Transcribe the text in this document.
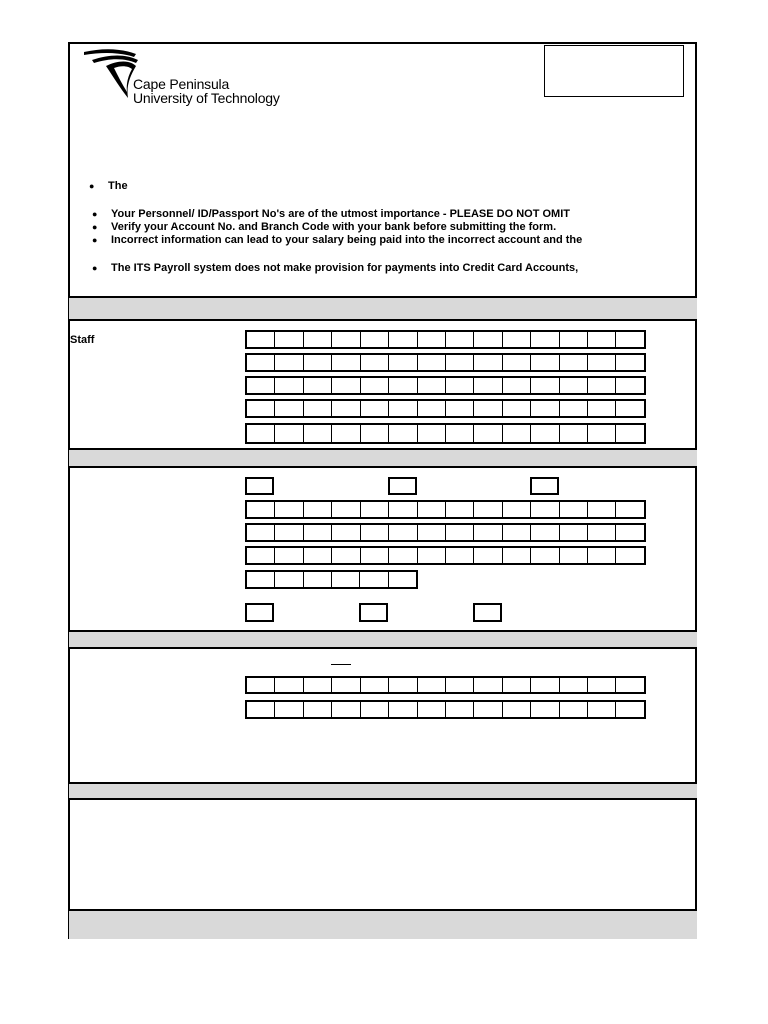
Cape Peninsula
University of Technology
● The
● Your Personnel/ ID/Passport No's are of the utmost importance - PLEASE DO NOT OMIT
● Verify your Account No. and Branch Code with your bank before submitting the form.
● Incorrect information can lead to your salary being paid into the incorrect account and the
● The ITS Payroll system does not make provision for payments into Credit Card Accounts,
Staff
